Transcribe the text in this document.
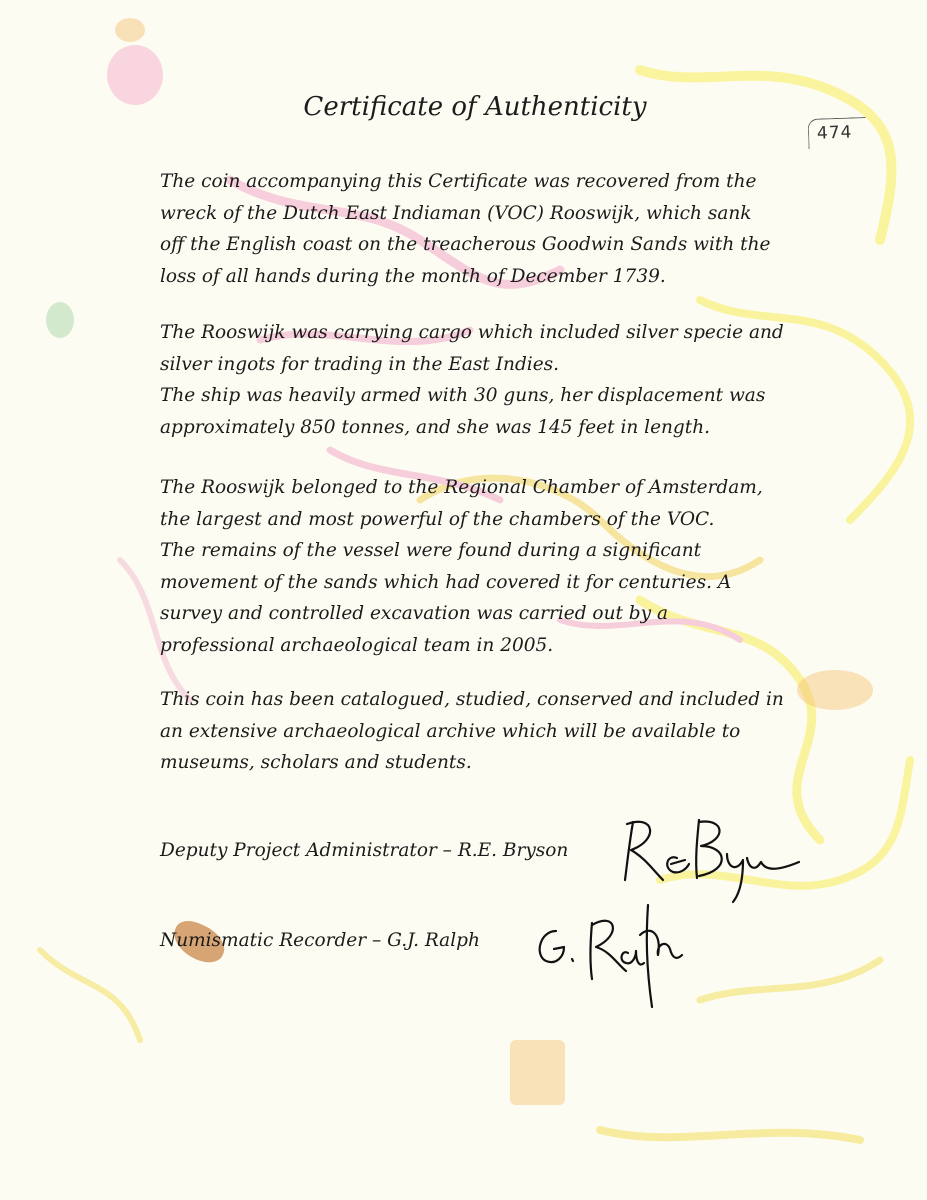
Certificate of Authenticity
474
The coin accompanying this Certificate was recovered from the
wreck of the Dutch East Indiaman (VOC) Rooswijk, which sank
off the English coast on the treacherous Goodwin Sands with the
loss of all hands during the month of December 1739.
The Rooswijk was carrying cargo which included silver specie and
silver ingots for trading in the East Indies.
The ship was heavily armed with 30 guns, her displacement was
approximately 850 tonnes, and she was 145 feet in length.
The Rooswijk belonged to the Regional Chamber of Amsterdam,
the largest and most powerful of the chambers of the VOC.
The remains of the vessel were found during a significant
movement of the sands which had covered it for centuries. A
survey and controlled excavation was carried out by a
professional archaeological team in 2005.
This coin has been catalogued, studied, conserved and included in
an extensive archaeological archive which will be available to
museums, scholars and students.
Deputy Project Administrator – R.E. Bryson
Numismatic Recorder – G.J. Ralph
